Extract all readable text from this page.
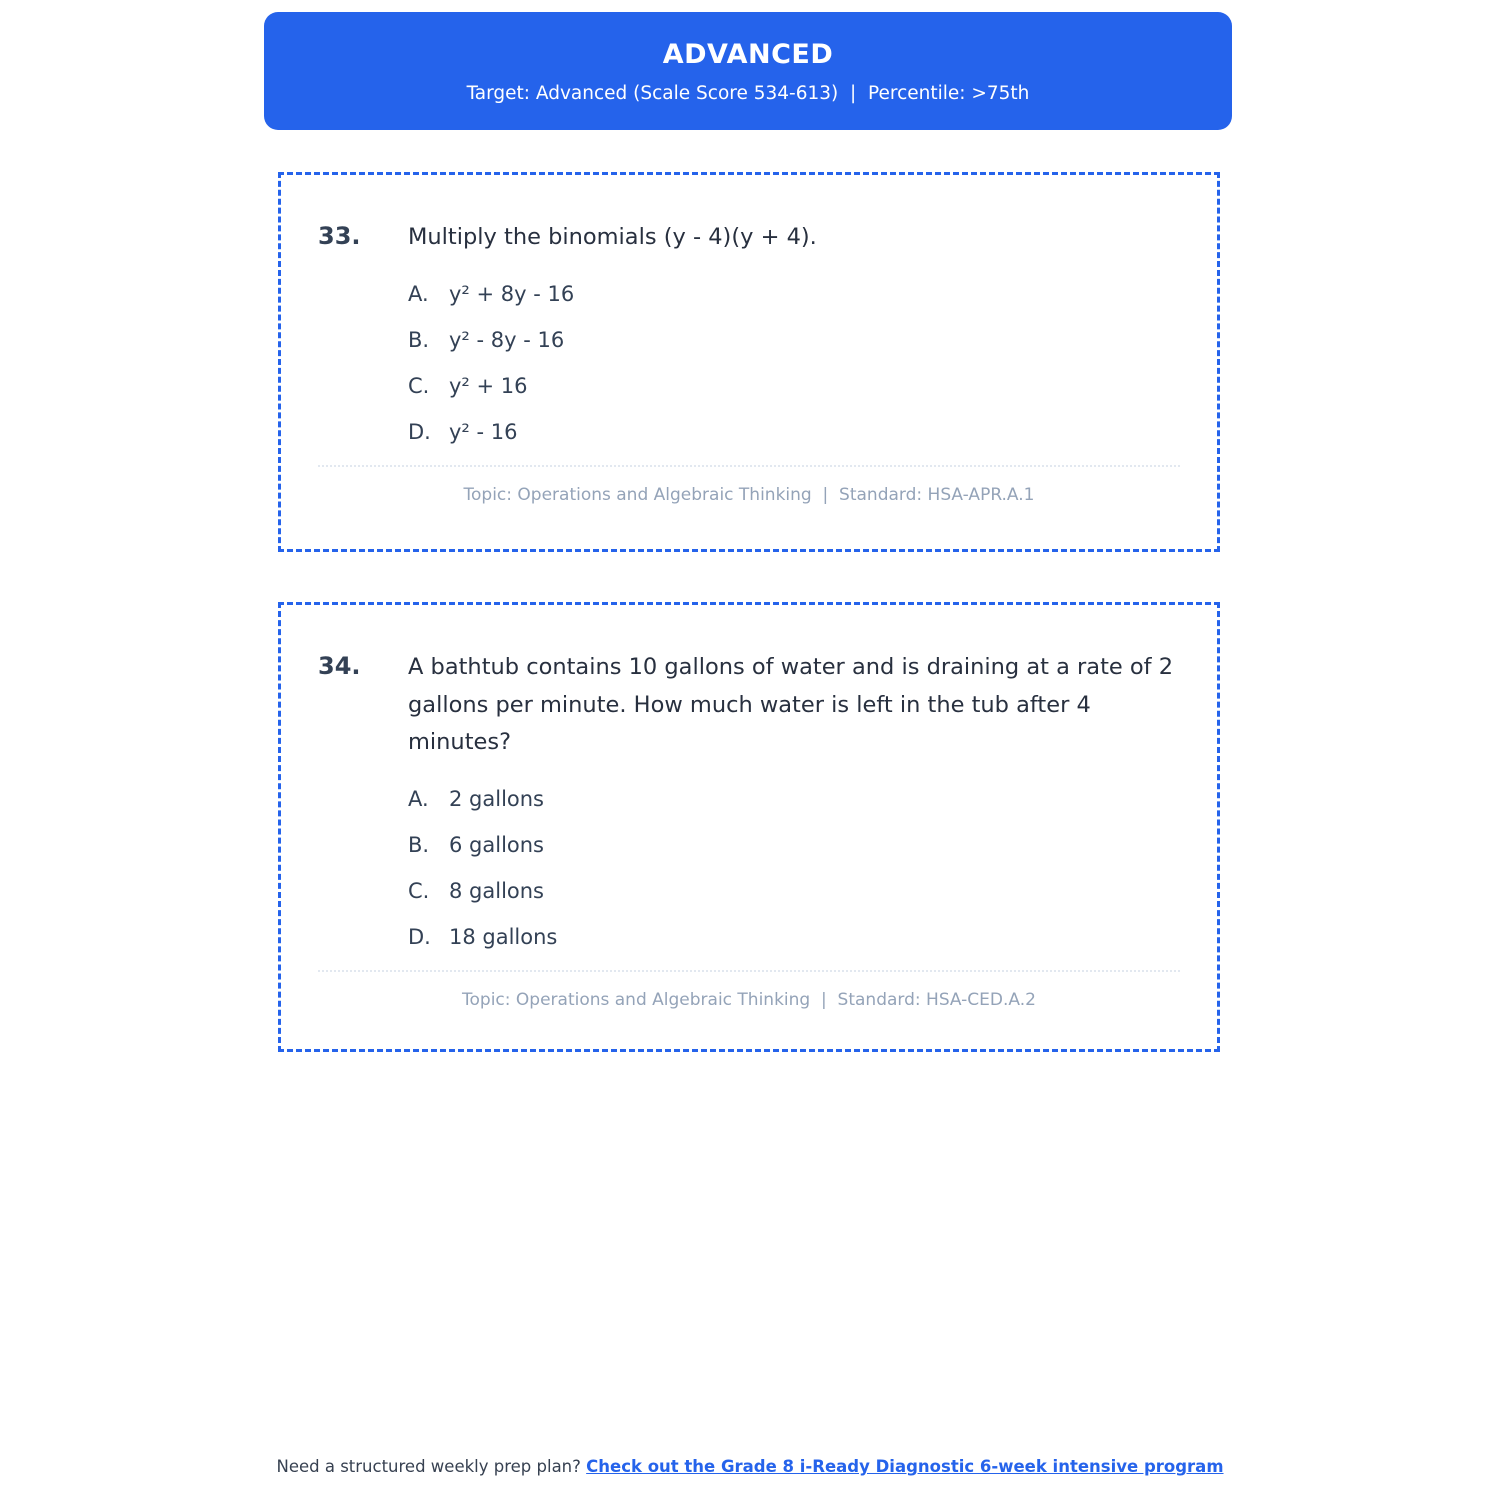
ADVANCED
Target: Advanced (Scale Score 534-613)  |  Percentile: >75th
33.	Multiply the binomials (y - 4)(y + 4).
A. y² + 8y - 16
B. y² - 8y - 16
C. y² + 16
D. y² - 16
Topic: Operations and Algebraic Thinking  |  Standard: HSA-APR.A.1
34.	A bathtub contains 10 gallons of water and is draining at a rate of 2 gallons per minute. How much water is left in the tub after 4 minutes?
A. 2 gallons
B. 6 gallons
C. 8 gallons
D. 18 gallons
Topic: Operations and Algebraic Thinking  |  Standard: HSA-CED.A.2
Need a structured weekly prep plan? Check out the Grade 8 i-Ready Diagnostic 6-week intensive program
